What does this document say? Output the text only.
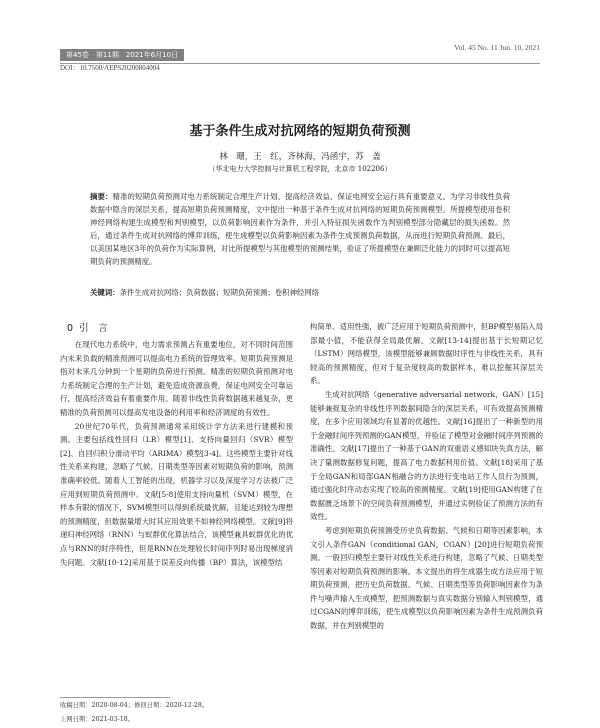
第45卷　第11期　2021年6月10日
DOI：10.7500/AEPS20200804004
Vol. 45 No. 11 Jun. 10, 2021
基于条件生成对抗网络的短期负荷预测
林　珊，王　红，齐林海，冯函宇，苏　盖
（华北电力大学控制与计算机工程学院，北京市 102206）
摘要：精准的短期负荷预测对电力系统制定合理生产计划、提高经济效益、保证电网安全运行具有重要意义。为学习非线性负荷数据中隐含的深层关系，提高短期负荷预测精度，文中提出一种基于条件生成对抗网络的短期负荷预测模型。所提模型使用卷积神经网络构建生成模型和判别模型，以负荷影响因素作为条件，并引入特征损失函数作为判别模型部分隐藏层的损失函数。然后，通过条件生成对抗网络的博弈训练，使生成模型以负荷影响因素为条件生成预测负荷数据，从而进行短期负荷预测。最后，以美国某地区3年的负荷作为实际算例，对比所提模型与其他模型的预测结果，验证了所提模型在兼顾泛化能力的同时可以提高短期负荷的预测精度。
关键词：条件生成对抗网络；负荷数据；短期负荷预测；卷积神经网络
0 引　言

在现代电力系统中，电力需求预测占有重要地位，对不同时间范围内未来负载的精准预测可以提高电力系统的管理效率。短期负荷预测是指对未来几分钟到一个星期的负荷进行预测。精准的短期负荷预测对电力系统制定合理的生产计划，避免造成资源浪费，保证电网安全可靠运行，提高经济效益有着重要作用。随着非线性负荷数据越来越复杂，更精准的负荷预测可以提高发电设备的利用率和经济调度的有效性。

20世纪70年代，负荷预测通常采用统计学方法来进行建模和预测。主要包括线性回归（LR）模型[1]、支持向量回归（SVR）模型[2]、自回归积分滑动平均（ARIMA）模型[3-4]。这些模型主要针对线性关系来构建，忽略了气候、日期类型等因素对短期负荷的影响，预测准确率较低。随着人工智能的出现，机器学习以及深度学习方法被广泛应用到短期负荷预测中。文献[5-8]使用支持向量机（SVM）模型，在样本有限的情况下，SVM模型可以得到系统最优解，且能达到较为理想的预测精度，但数据量增大时其应用效果不如神经网络模型。文献[9]将递归神经网络（RNN）与蚁群优化算法结合，该模型兼具蚁群优化的优点与RNN的时序特性，但是RNN在处理较长时间序列时易出现梯度消失问题。文献[10-12]采用基于误差反向传播（BP）算法，该模型结

构简单、适用性强，被广泛应用于短期负荷预测中，但BP模型易陷入局部最小值，不能获得全局最优解。文献[13-14]提出基于长短期记忆（LSTM）网络模型，该模型能够兼顾数据时序性与非线性关系，具有较高的预测精度，但对于复杂度较高的数据样本，难以挖掘其深层关系。

生成对抗网络（generative adversarial network，GAN）[15]能够兼捉复杂的非线性序列数据间隐含的深层关系，可有效提高预测精度，在多个应用领域均有显著的优越性。文献[16]提出了一种新型的用于金融时间序列预测的GAN模型，并验证了模型对金融时间序列预测的准确性。文献[17]提出了一种基于GAN的双重语义感知块失真方法，解决了量测数据修复问题，提高了电力数据利用价值。文献[18]采用了基于全局GAN和局部GAN相融合的方法进行变电站工作人员行为预测，通过强化时序动态实现了较高的预测精度。文献[19]使用GAN构建了在数据匮乏场景下的空间负荷预测模型，并通过实例验证了预测方法的有效性。

考虑到短期负荷预测受历史负荷数据、气候和日期等因素影响，本文引入条件GAN（conditional GAN，CGAN）[20]进行短期负荷预测。一般回归模型主要针对线性关系进行构建，忽略了气候、日期类型等因素对短期负荷预测的影响。本文提出的将生成器生成方法应用于短期负荷预测，把历史负荷数据、气候、日期类型等负荷影响因素作为条件与噪声输入生成模型，把预测数据与真实数据分别输入判别模型，通过CGAN的博弈训练，使生成模型以负荷影响因素为条件生成预测负荷数据，并在判别模型的

收稿日期：2020-08-04；修回日期：2020-12-28。
上网日期：2021-03-18。
